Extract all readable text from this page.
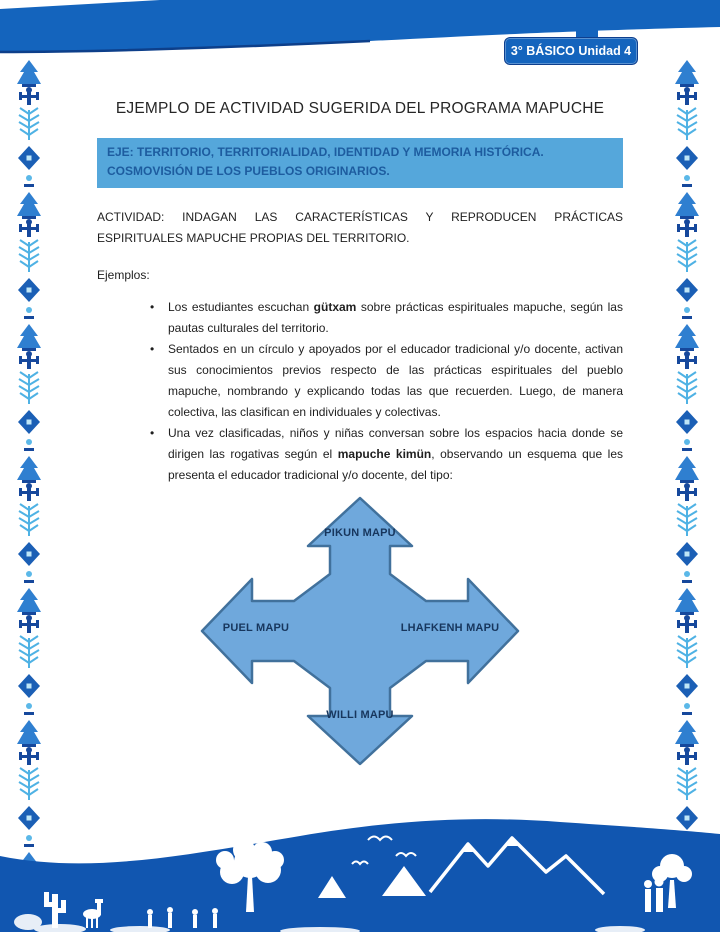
3° BÁSICO Unidad 4
EJEMPLO DE ACTIVIDAD SUGERIDA DEL PROGRAMA MAPUCHE
EJE: TERRITORIO, TERRITORIALIDAD, IDENTIDAD Y MEMORIA HISTÓRICA.
COSMOVISIÓN DE LOS PUEBLOS ORIGINARIOS.

ACTIVIDAD: INDAGAN LAS CARACTERÍSTICAS Y REPRODUCEN PRÁCTICAS ESPIRITUALES MAPUCHE PROPIAS DEL TERRITORIO.

Ejemplos:

• Los estudiantes escuchan gütxam sobre prácticas espirituales mapuche, según las pautas culturales del territorio.
• Sentados en un círculo y apoyados por el educador tradicional y/o docente, activan sus conocimientos previos respecto de las prácticas espirituales del pueblo mapuche, nombrando y explicando todas las que recuerden. Luego, de manera colectiva, las clasifican en individuales y colectivas.
• Una vez clasificadas, niños y niñas conversan sobre los espacios hacia donde se dirigen las rogativas según el mapuche kimün, observando un esquema que les presenta el educador tradicional y/o docente, del tipo:
PIKUN MAPU
PUEL MAPU	LHAFKENH MAPU
WILLI MAPU
